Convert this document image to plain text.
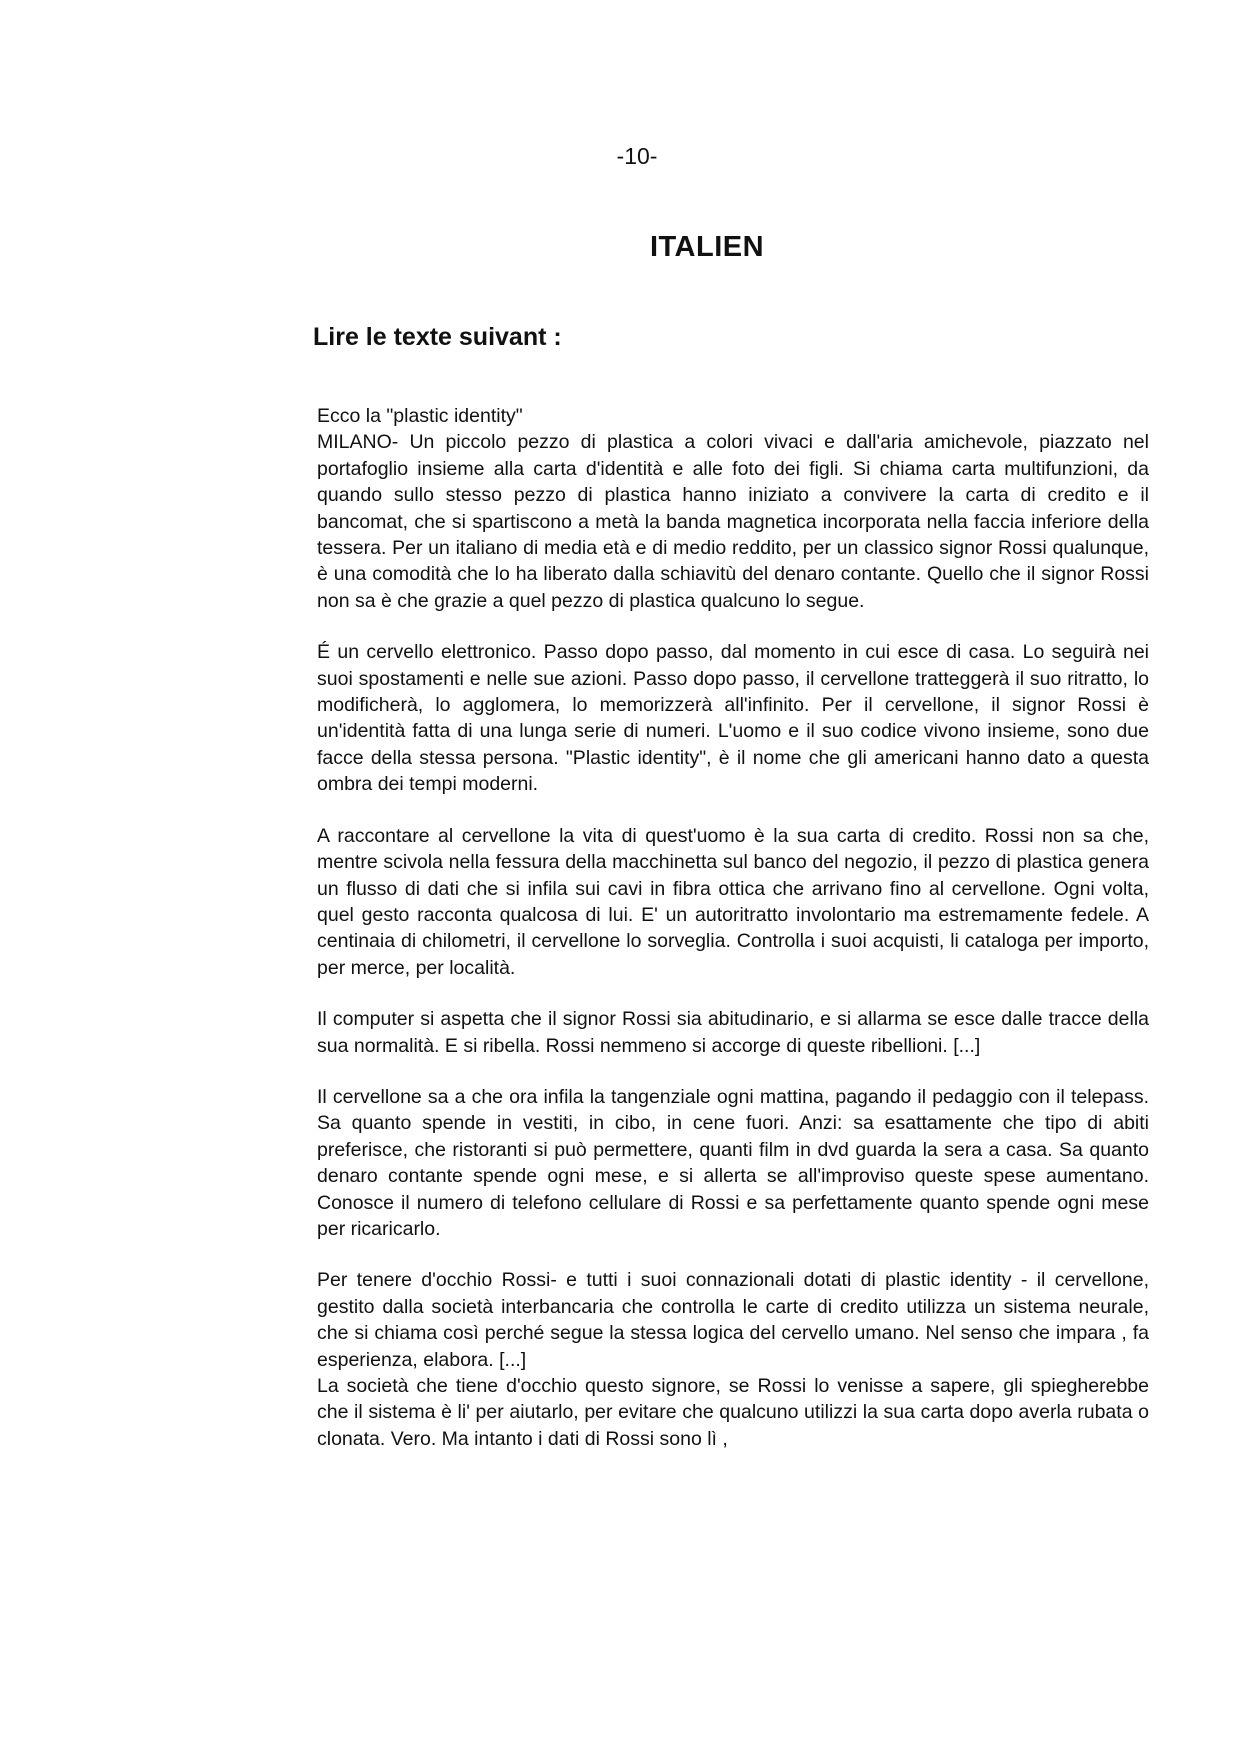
-10-
ITALIEN
Lire le texte suivant :
Ecco la "plastic identity"

MILANO- Un piccolo pezzo di plastica a colori vivaci e dall'aria amichevole, piazzato nel portafoglio insieme alla carta d'identità e alle foto dei figli. Si chiama carta multifunzioni, da quando sullo stesso pezzo di plastica hanno iniziato a convivere la carta di credito e il bancomat, che si spartiscono a metà la banda magnetica incorporata nella faccia inferiore della tessera. Per un italiano di media età e di medio reddito, per un classico signor Rossi qualunque, è una comodità che lo ha liberato dalla schiavitù del denaro contante. Quello che il signor Rossi non sa è che grazie a quel pezzo di plastica qualcuno lo segue.

É un cervello elettronico. Passo dopo passo, dal momento in cui esce di casa. Lo seguirà nei suoi spostamenti e nelle sue azioni. Passo dopo passo, il cervellone tratteggerà il suo ritratto, lo modificherà, lo agglomera, lo memorizzerà all'infinito. Per il cervellone, il signor Rossi è un'identità fatta di una lunga serie di numeri. L'uomo e il suo codice vivono insieme, sono due facce della stessa persona. "Plastic identity", è il nome che gli americani hanno dato a questa ombra dei tempi moderni.

A raccontare al cervellone la vita di quest'uomo è la sua carta di credito. Rossi non sa che, mentre scivola nella fessura della macchinetta sul banco del negozio, il pezzo di plastica genera un flusso di dati che si infila sui cavi in fibra ottica che arrivano fino al cervellone. Ogni volta, quel gesto racconta qualcosa di lui. E' un autoritratto involontario ma estremamente fedele. A centinaia di chilometri, il cervellone lo sorveglia. Controlla i suoi acquisti, li cataloga per importo, per merce, per località.

Il computer si aspetta che il signor Rossi sia abitudinario, e si allarma se esce dalle tracce della sua normalità. E si ribella. Rossi nemmeno si accorge di queste ribellioni. [...]

Il cervellone sa a che ora infila la tangenziale ogni mattina, pagando il pedaggio con il telepass. Sa quanto spende in vestiti, in cibo, in cene fuori. Anzi: sa esattamente che tipo di abiti preferisce, che ristoranti si può permettere, quanti film in dvd guarda la sera a casa. Sa quanto denaro contante spende ogni mese, e si allerta se all'improviso queste spese aumentano. Conosce il numero di telefono cellulare di Rossi e sa perfettamente quanto spende ogni mese per ricaricarlo.

Per tenere d'occhio Rossi- e tutti i suoi connazionali dotati di plastic identity - il cervellone, gestito dalla società interbancaria che controlla le carte di credito utilizza un sistema neurale, che si chiama così perché segue la stessa logica del cervello umano. Nel senso che impara , fa esperienza, elabora. [...]

La società che tiene d'occhio questo signore, se Rossi lo venisse a sapere, gli spiegherebbe che il sistema è li' per aiutarlo, per evitare che qualcuno utilizzi la sua carta dopo averla rubata o clonata. Vero. Ma intanto i dati di Rossi sono lì ,
